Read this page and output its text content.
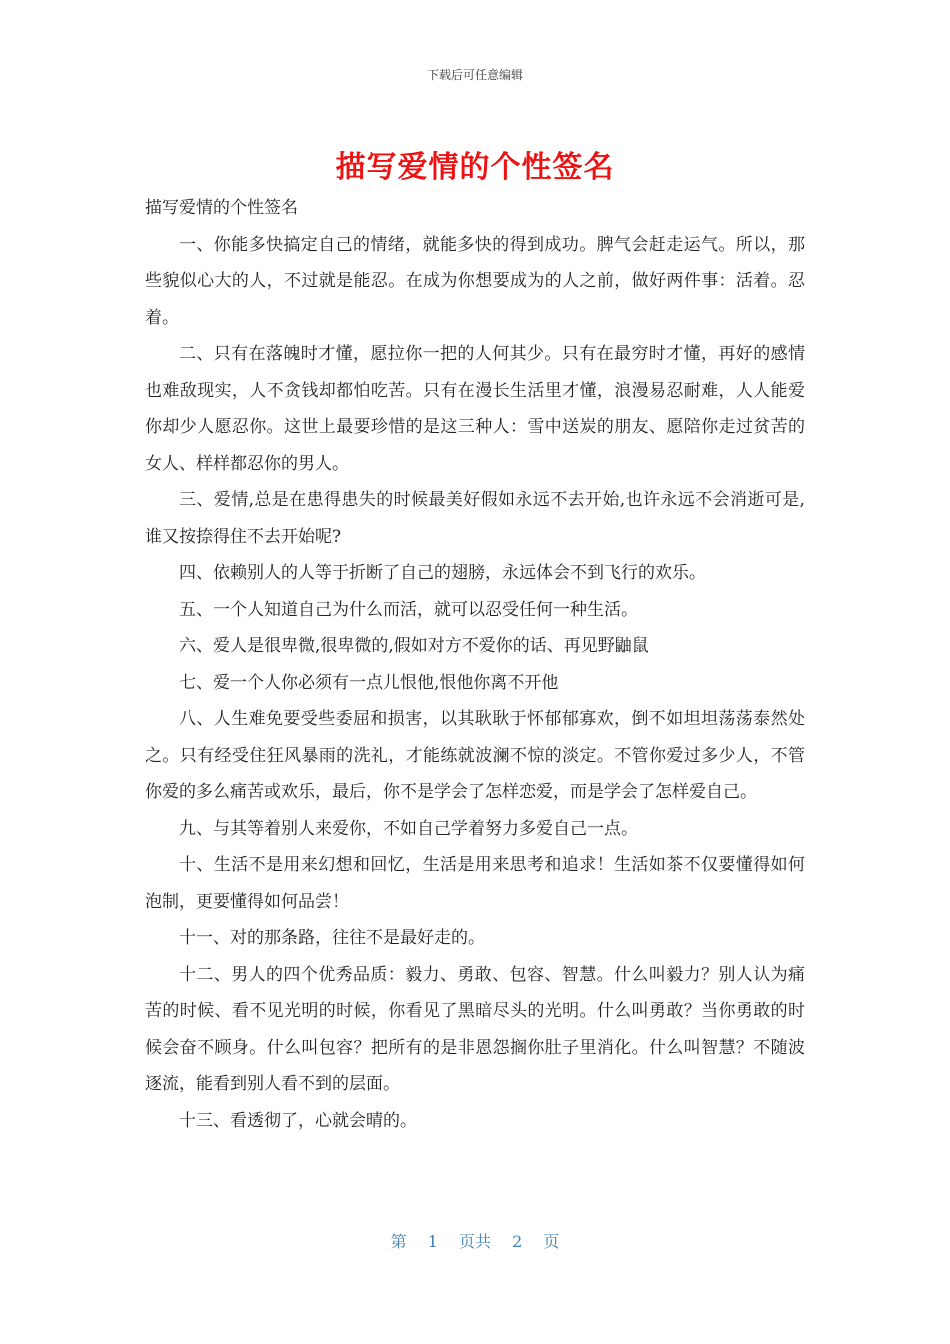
下载后可任意编辑
描写爱情的个性签名

描写爱情的个性签名

一、你能多快搞定自己的情绪，就能多快的得到成功。脾气会赶走运气。所以，那些貌似心大的人，不过就是能忍。在成为你想要成为的人之前，做好两件事：活着。忍着。

二、只有在落魄时才懂，愿拉你一把的人何其少。只有在最穷时才懂，再好的感情也难敌现实，人不贪钱却都怕吃苦。只有在漫长生活里才懂，浪漫易忍耐难，人人能爱你却少人愿忍你。这世上最要珍惜的是这三种人：雪中送炭的朋友、愿陪你走过贫苦的女人、样样都忍你的男人。

三、爱情,总是在患得患失的时候最美好假如永远不去开始,也许永远不会消逝可是,谁又按捺得住不去开始呢?

四、依赖别人的人等于折断了自己的翅膀，永远体会不到飞行的欢乐。

五、一个人知道自己为什么而活，就可以忍受任何一种生活。

六、爱人是很卑微,很卑微的,假如对方不爱你的话、再见野鼬鼠

七、爱一个人你必须有一点儿恨他,恨他你离不开他

八、人生难免要受些委屈和损害，以其耿耿于怀郁郁寡欢，倒不如坦坦荡荡泰然处之。只有经受住狂风暴雨的洗礼，才能练就波澜不惊的淡定。不管你爱过多少人，不管你爱的多么痛苦或欢乐，最后，你不是学会了怎样恋爱，而是学会了怎样爱自己。

九、与其等着别人来爱你，不如自己学着努力多爱自己一点。

十、生活不是用来幻想和回忆，生活是用来思考和追求！生活如茶不仅要懂得如何泡制，更要懂得如何品尝！

十一、对的那条路，往往不是最好走的。

十二、男人的四个优秀品质：毅力、勇敢、包容、智慧。什么叫毅力？别人认为痛苦的时候、看不见光明的时候，你看见了黑暗尽头的光明。什么叫勇敢？当你勇敢的时候会奋不顾身。什么叫包容？把所有的是非恩怨搁你肚子里消化。什么叫智慧？不随波逐流，能看到别人看不到的层面。

十三、看透彻了，心就会晴的。

第 1 页共 2 页
